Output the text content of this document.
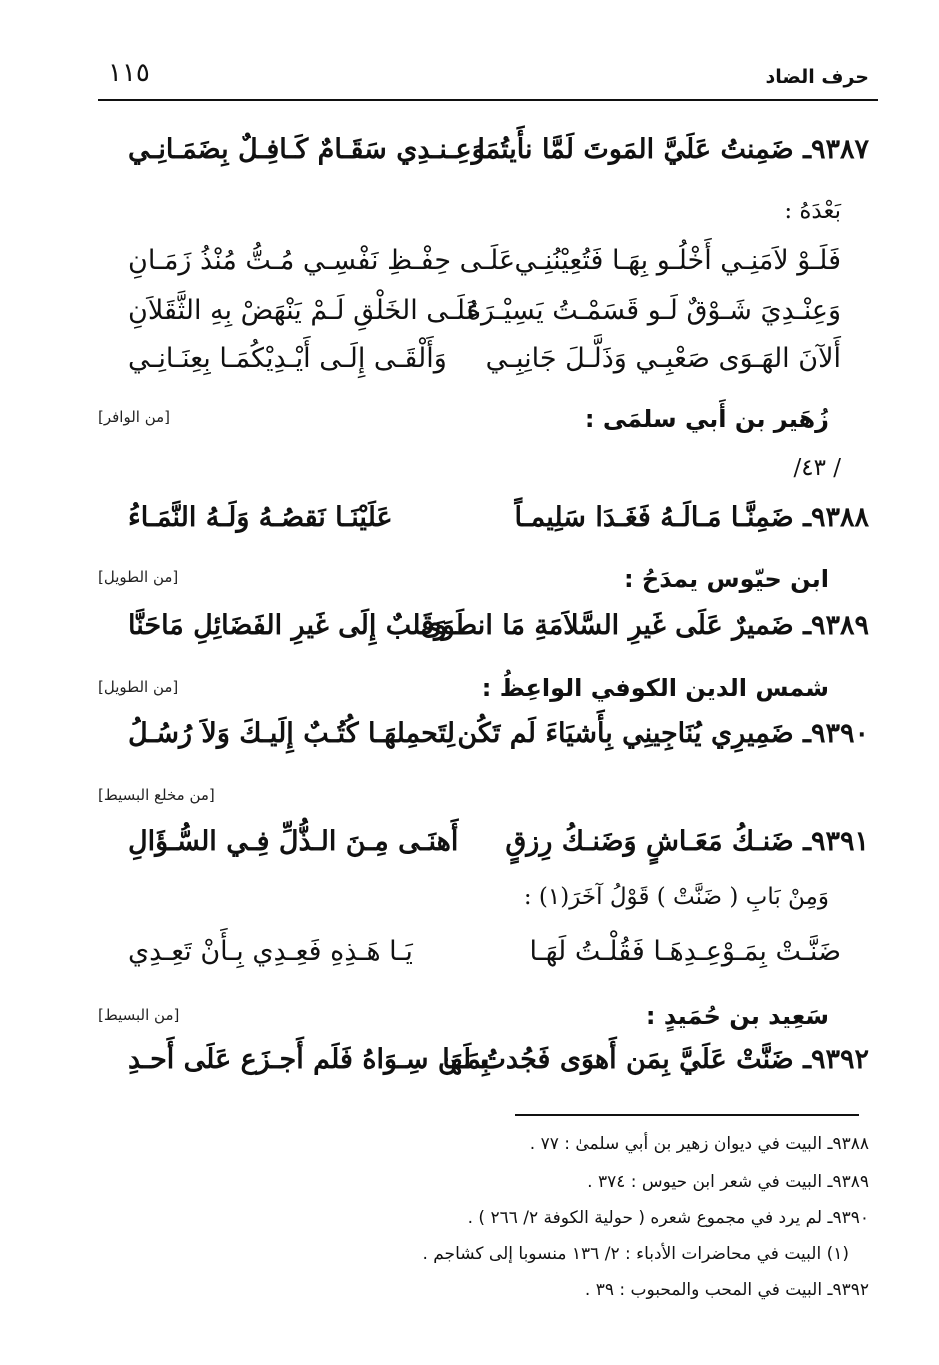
١١٥	حرف الضاد
٩٣٨٧ـ ضَمِنتُ عَلَيَّ المَوتَ لَمَّا نأَيتُمَا
وَعِـنـدِي سَقَـامٌ كَـافِـلٌ بِضَمَـانِـي
بَعْدَهُ :
فَلَـوْ لاَمَنِـي أَخْلُـو بِهَـا فَتُعِيْنُنِـي
عَلَـى حِفْـظِ نَفْسِـي مُـتُّ مُنْذُ زَمَـانِ
وَعِنْـدِيَ شَـوْقٌ لَـو قَسَمْـتُ يَسِيْـرَهُ
عَلَـى الخَلْقِ لَـمْ يَنْهَضْ بِهِ الثَّقَلاَنِ
أَلآنَ الهَـوَى صَعْبِـي وَذَلَّـلَ جَانِبِـي
وَأَلْقَـى إِلَـى أَيْـدِيْكُمَـا بِعِنَـانِـي
[من الوافر]	زُهَير بن أَبي سلمَى :
/ ٤٣/
٩٣٨٨ـ ضَمِنَّـا مَـالَـهُ فَغَـدَا سَلِيمـاً
عَلَيْنَـا نَقصُـهُ وَلَـهُ النَّمَـاءُ
[من الطويل]	ابن حيّوس يمدَحُ :
٩٣٨٩ـ ضَميرٌ عَلَى غَيرِ السَّلاَمَةِ مَا انطَوَى
وَقَلبٌ إِلَى غَيرِ الفَضَائِلِ مَاحَنَّا
[من الطويل]	شمس الدين الكوفي الواعِظُ :
٩٣٩٠ـ ضَمِيرِي يُنَاجِينِي بِأَشيَاءَ لَم تَكُن
لِتَحمِلهَـا كُتُـبٌ إِلَيـكَ وَلاَ رُسُـلُ
[من مخلع البسيط]
٩٣٩١ـ ضَنـكُ مَعَـاشٍ وَضَنـكُ رِزقٍ
أَهنَـى مِـنَ الـذُّلِّ فِـي السُّـؤَالِ
وَمِنْ بَابِ ( ضَنَّتْ ) قَوْلُ آخَرَ(١) :
ضَنَّـتْ بِمَـوْعِـدِهَـا فَقُلْـتُ لَهَـا
يَـا هَـذِهِ فَعِـدِي بِـأَنْ تَعِـدِي
[من البسيط]	سَعِيد بن حُمَيدٍ :
٩٣٩٢ـ ضَنَّتْ عَلَيَّ بِمَن أَهوَى فَجُدتُ لَهَا
بِمَـن سِـوَاهُ فَلَم أَجـزَع عَلَى أَحـدِ
٩٣٨٨ـ البيت في ديوان زهير بن أبي سلمىٰ : ٧٧ .
٩٣٨٩ـ البيت في شعر ابن حيوس : ٣٧٤ .
٩٣٩٠ـ لم يرد في مجموع شعره ( حولية الكوفة ٢/ ٢٦٦ ) .
(١) البيت في محاضرات الأدباء : ٢/ ١٣٦ منسوبا إلى كشاجم .
٩٣٩٢ـ البيت في المحب والمحبوب : ٣٩ .
